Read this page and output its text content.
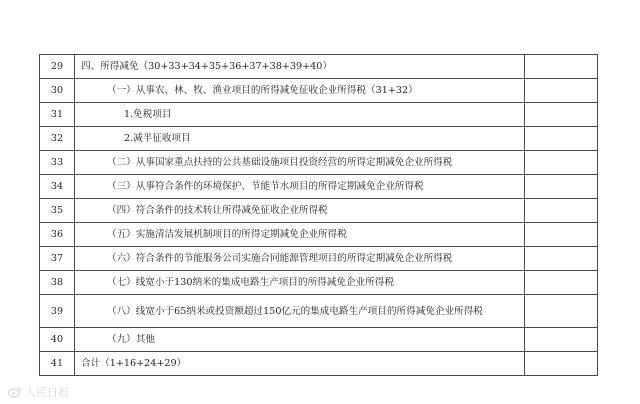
29	四、所得减免（30+33+34+35+36+37+38+39+40）	

30	（一）从事农、林、牧、渔业项目的所得减免征收企业所得税（31+32）	

31	1.免税项目	

32	2.减半征收项目	

33	（二）从事国家重点扶持的公共基础设施项目投资经营的所得定期减免企业所得税	

34	（三）从事符合条件的环境保护、节能节水项目的所得定期减免企业所得税	

35	（四）符合条件的技术转让所得减免征收企业所得税	

36	（五）实施清洁发展机制项目的所得定期减免企业所得税	

37	（六）符合条件的节能服务公司实施合同能源管理项目的所得定期减免企业所得税	

38	（七）线宽小于130纳米的集成电路生产项目的所得减免企业所得税	

39	（八）线宽小于65纳米或投资额超过150亿元的集成电路生产项目的所得减免企业所得税	

40	（九）其他	

41	合计（1+16+24+29）	

人民日报
